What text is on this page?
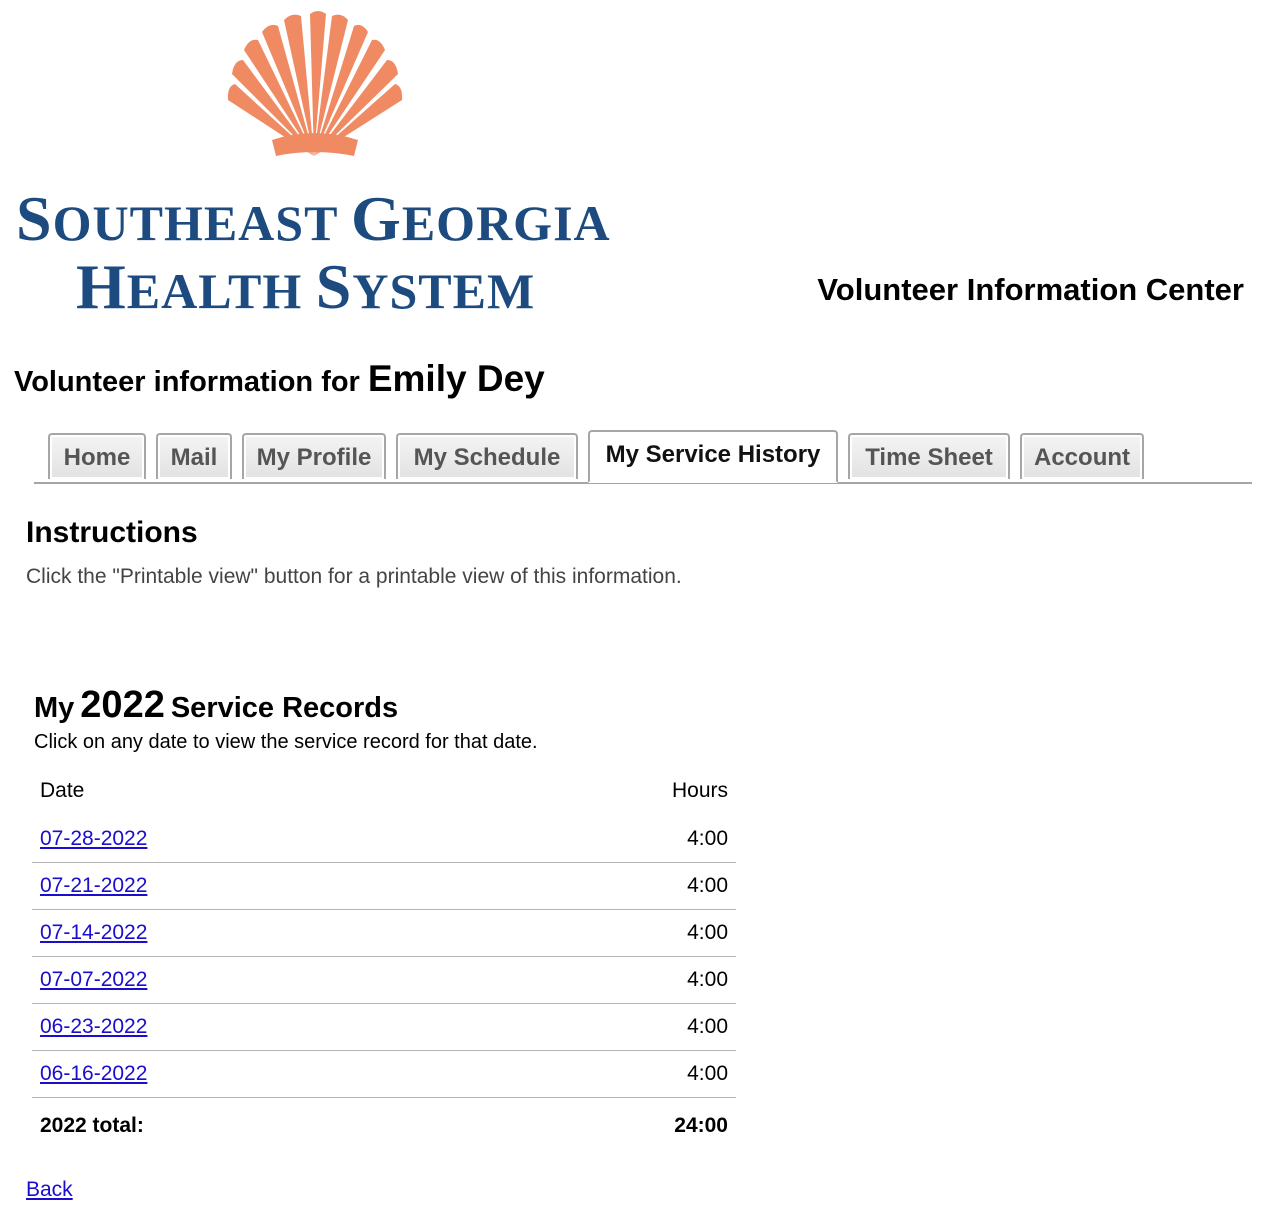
SOUTHEAST GEORGIA
HEALTH SYSTEM	Volunteer Information Center
Volunteer information for Emily Dey
Home	Mail	My Profile	My Schedule	My Service History	Time Sheet	Account
Instructions
Click the "Printable view" button for a printable view of this information.
My 2022 Service Records
Click on any date to view the service record for that date.
Date	Hours
07-28-2022	4:00
07-21-2022	4:00
07-14-2022	4:00
07-07-2022	4:00
06-23-2022	4:00
06-16-2022	4:00
2022 total:	24:00
Back
